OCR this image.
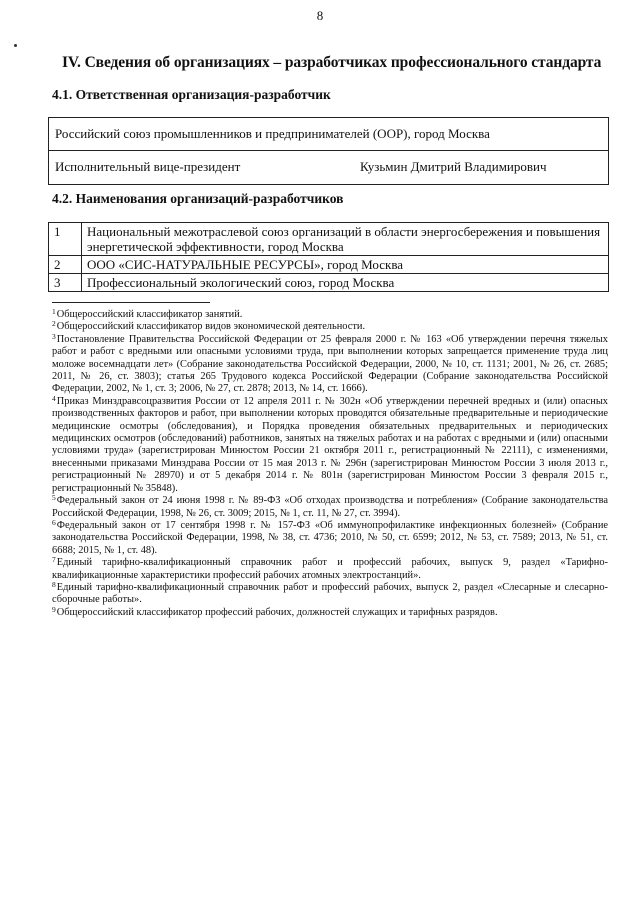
8
IV. Сведения об организациях – разработчиках профессионального стандарта
4.1. Ответственная организация-разработчик
Российский союз промышленников и предпринимателей (ООР), город Москва
Исполнительный вице-президент	Кузьмин Дмитрий Владимирович
4.2. Наименования организаций-разработчиков
1	Национальный межотраслевой союз организаций в области энергосбережения и повышения энергетической эффективности, город Москва
2	ООО «СИС-НАТУРАЛЬНЫЕ РЕСУРСЫ», город Москва
3	Профессиональный экологический союз, город Москва

$^1$Общероссийский классификатор занятий.

$^2$Общероссийский классификатор видов экономической деятельности.

$^3$Постановление Правительства Российской Федерации от 25 февраля 2000 г. № 163 «Об утверждении перечня тяжелых работ и работ с вредными или опасными условиями труда, при выполнении которых запрещается применение труда лиц моложе восемнадцати лет» (Собрание законодательства Российской Федерации, 2000, № 10, ст. 1131; 2001, № 26, ст. 2685; 2011, № 26, ст. 3803); статья 265 Трудового кодекса Российской Федерации (Собрание законодательства Российской Федерации, 2002, № 1, ст. 3; 2006, № 27, ст. 2878; 2013, № 14, ст. 1666).

$^4$Приказ Минздравсоцразвития России от 12 апреля 2011 г. № 302н «Об утверждении перечней вредных и (или) опасных производственных факторов и работ, при выполнении которых проводятся обязательные предварительные и периодические медицинские осмотры (обследования), и Порядка проведения обязательных предварительных и периодических медицинских осмотров (обследований) работников, занятых на тяжелых работах и на работах с вредными и (или) опасными условиями труда» (зарегистрирован Минюстом России 21 октября 2011 г., регистрационный № 22111), с изменениями, внесенными приказами Минздрава России от 15 мая 2013 г. № 296н (зарегистрирован Минюстом России 3 июля 2013 г., регистрационный № 28970) и от 5 декабря 2014 г. № 801н (зарегистрирован Минюстом России 3 февраля 2015 г., регистрационный № 35848).

$^5$Федеральный закон от 24 июня 1998 г. № 89-ФЗ «Об отходах производства и потребления» (Собрание законодательства Российской Федерации, 1998, № 26, ст. 3009; 2015, № 1, ст. 11, № 27, ст. 3994).

$^6$Федеральный закон от 17 сентября 1998 г. № 157-ФЗ «Об иммунопрофилактике инфекционных болезней» (Собрание законодательства Российской Федерации, 1998, № 38, ст. 4736; 2010, № 50, ст. 6599; 2012, № 53, ст. 7589; 2013, № 51, ст. 6688; 2015, № 1, ст. 48).

$^7$Единый тарифно-квалификационный справочник работ и профессий рабочих, выпуск 9, раздел «Тарифно-квалификационные характеристики профессий рабочих атомных электростанций».

$^8$Единый тарифно-квалификационный справочник работ и профессий рабочих, выпуск 2, раздел «Слесарные и слесарно-сборочные работы».

$^9$Общероссийский классификатор профессий рабочих, должностей служащих и тарифных разрядов.
